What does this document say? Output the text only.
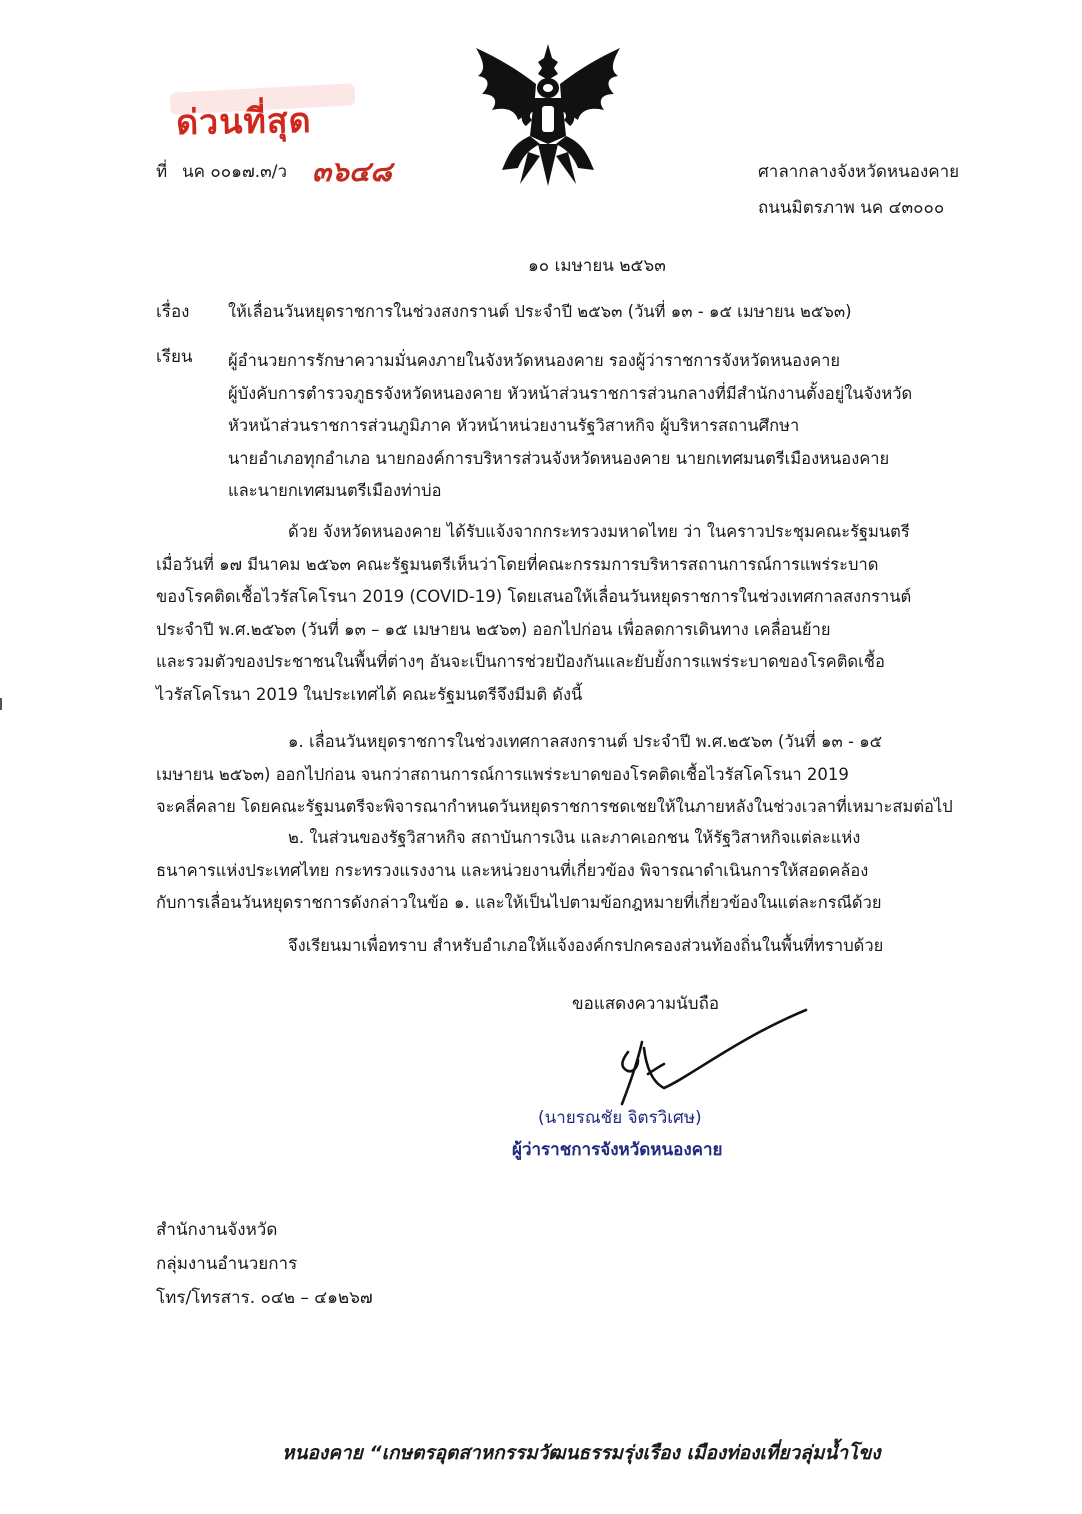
ด่วนที่สุด
ที่ นค ๐๐๑๗.๓/ว ๓๖๔๘	ศาลากลางจังหวัดหนองคาย
ถนนมิตรภาพ นค ๔๓๐๐๐
๑๐ เมษายน ๒๕๖๓
เรื่อง ให้เลื่อนวันหยุดราชการในช่วงสงกรานต์ ประจำปี ๒๕๖๓ (วันที่ ๑๓ - ๑๕ เมษายน ๒๕๖๓)
เรียน ผู้อำนวยการรักษาความมั่นคงภายในจังหวัดหนองคาย รองผู้ว่าราชการจังหวัดหนองคาย
ผู้บังคับการตำรวจภูธรจังหวัดหนองคาย หัวหน้าส่วนราชการส่วนกลางที่มีสำนักงานตั้งอยู่ในจังหวัด
หัวหน้าส่วนราชการส่วนภูมิภาค หัวหน้าหน่วยงานรัฐวิสาหกิจ ผู้บริหารสถานศึกษา
นายอำเภอทุกอำเภอ นายกองค์การบริหารส่วนจังหวัดหนองคาย นายกเทศมนตรีเมืองหนองคาย
และนายกเทศมนตรีเมืองท่าบ่อ
ด้วย จังหวัดหนองคาย ได้รับแจ้งจากกระทรวงมหาดไทย ว่า ในคราวประชุมคณะรัฐมนตรี
เมื่อวันที่ ๑๗ มีนาคม ๒๕๖๓ คณะรัฐมนตรีเห็นว่าโดยที่คณะกรรมการบริหารสถานการณ์การแพร่ระบาด
ของโรคติดเชื้อไวรัสโคโรนา 2019 (COVID-19) โดยเสนอให้เลื่อนวันหยุดราชการในช่วงเทศกาลสงกรานต์
ประจำปี พ.ศ.๒๕๖๓ (วันที่ ๑๓ – ๑๕ เมษายน ๒๕๖๓) ออกไปก่อน เพื่อลดการเดินทาง เคลื่อนย้าย
และรวมตัวของประชาชนในพื้นที่ต่างๆ อันจะเป็นการช่วยป้องกันและยับยั้งการแพร่ระบาดของโรคติดเชื้อ
ไวรัสโคโรนา 2019 ในประเทศได้ คณะรัฐมนตรีจึงมีมติ ดังนี้
๑. เลื่อนวันหยุดราชการในช่วงเทศกาลสงกรานต์ ประจำปี พ.ศ.๒๕๖๓ (วันที่ ๑๓ - ๑๕
เมษายน ๒๕๖๓) ออกไปก่อน จนกว่าสถานการณ์การแพร่ระบาดของโรคติดเชื้อไวรัสโคโรนา 2019
จะคลี่คลาย โดยคณะรัฐมนตรีจะพิจารณากำหนดวันหยุดราชการชดเชยให้ในภายหลังในช่วงเวลาที่เหมาะสมต่อไป
๒. ในส่วนของรัฐวิสาหกิจ สถาบันการเงิน และภาคเอกชน ให้รัฐวิสาหกิจแต่ละแห่ง
ธนาคารแห่งประเทศไทย กระทรวงแรงงาน และหน่วยงานที่เกี่ยวข้อง พิจารณาดำเนินการให้สอดคล้อง
กับการเลื่อนวันหยุดราชการดังกล่าวในข้อ ๑. และให้เป็นไปตามข้อกฎหมายที่เกี่ยวข้องในแต่ละกรณีด้วย
จึงเรียนมาเพื่อทราบ สำหรับอำเภอให้แจ้งองค์กรปกครองส่วนท้องถิ่นในพื้นที่ทราบด้วย
ขอแสดงความนับถือ
(นายรณชัย จิตรวิเศษ)
ผู้ว่าราชการจังหวัดหนองคาย
สำนักงานจังหวัด
กลุ่มงานอำนวยการ
โทร/โทรสาร. ๐๔๒ – ๔๑๒๖๗
หนองคาย “เกษตรอุตสาหกรรมวัฒนธรรมรุ่งเรือง เมืองท่องเที่ยวลุ่มน้ำโขง
